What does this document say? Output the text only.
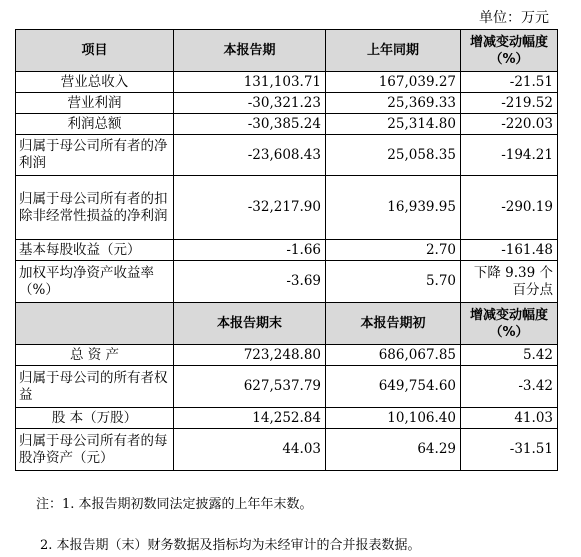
单位：万元
项目	本报告期	上年同期	增减变动幅度（%）
营业总收入	131,103.71	167,039.27	-21.51
营业利润	-30,321.23	25,369.33	-219.52
利润总额	-30,385.24	25,314.80	-220.03
归属于母公司所有者的净利润	-23,608.43	25,058.35	-194.21
归属于母公司所有者的扣除非经常性损益的净利润	-32,217.90	16,939.95	-290.19
基本每股收益（元）	-1.66	2.70	-161.48
加权平均净资产收益率（%）	-3.69	5.70	下降 9.39 个百分点
	本报告期末	本报告期初	增减变动幅度（%）
总 资 产	723,248.80	686,067.85	5.42
归属于母公司的所有者权益	627,537.79	649,754.60	-3.42
股 本（万股）	14,252.84	10,106.40	41.03
归属于母公司所有者的每股净资产（元）	44.03	64.29	-31.51
注：1. 本报告期初数同法定披露的上年年末数。
2. 本报告期（末）财务数据及指标均为未经审计的合并报表数据。
